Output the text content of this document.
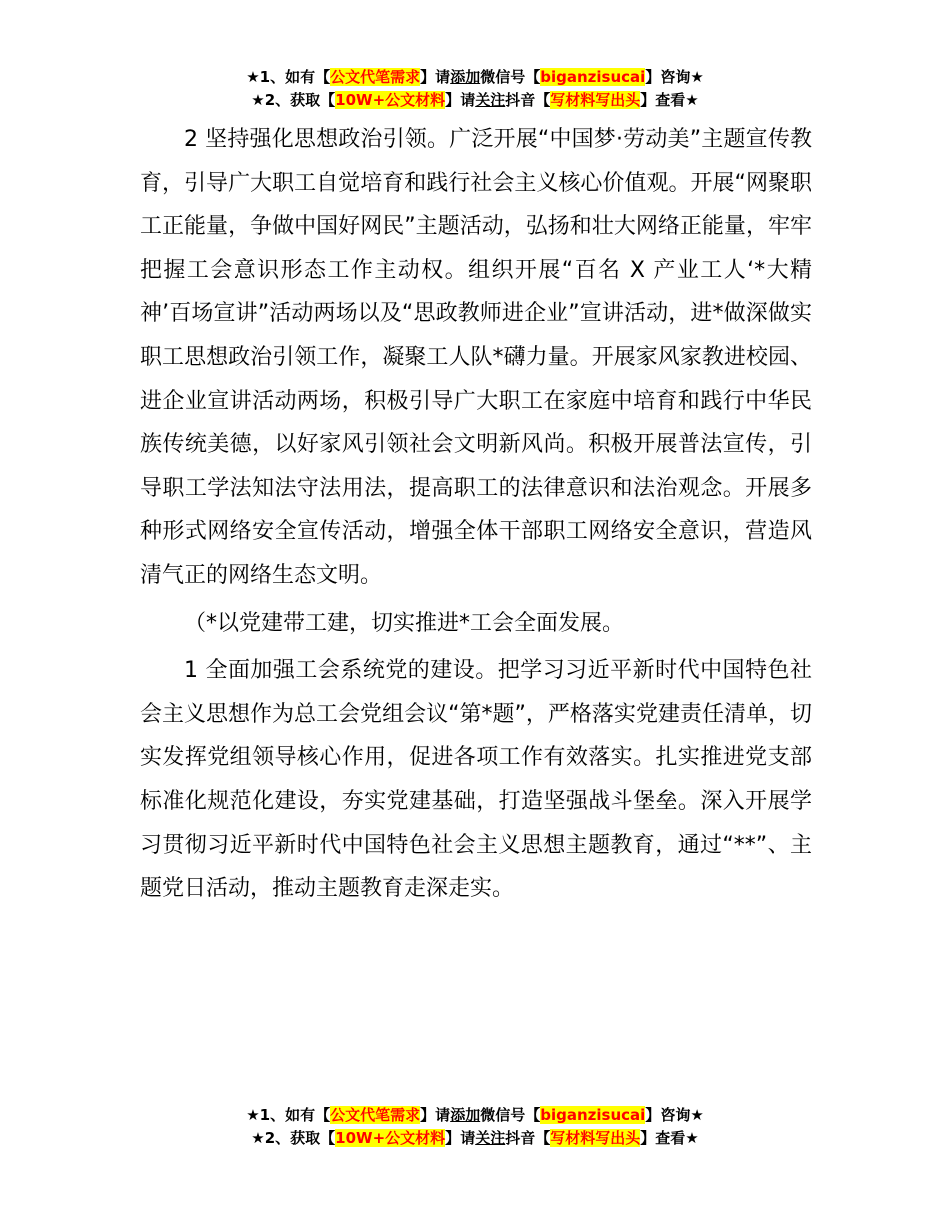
★1、如有【公文代笔需求】请添加微信号【biganzisucai】咨询★
★2、获取【10W+公文材料】请关注抖音【写材料写出头】查看★

2 坚持强化思想政治引领。广泛开展“中国梦·劳动美”主题宣传教育，引导广大职工自觉培育和践行社会主义核心价值观。开展“网聚职工正能量，争做中国好网民”主题活动，弘扬和壮大网络正能量，牢牢把握工会意识形态工作主动权。组织开展“百名 X 产业工人‘*大精神’百场宣讲”活动两场以及“思政教师进企业”宣讲活动，进*做深做实职工思想政治引领工作，凝聚工人队*礴力量。开展家风家教进校园、进企业宣讲活动两场，积极引导广大职工在家庭中培育和践行中华民族传统美德，以好家风引领社会文明新风尚。积极开展普法宣传，引导职工学法知法守法用法，提高职工的法律意识和法治观念。开展多种形式网络安全宣传活动，增强全体干部职工网络安全意识，营造风清气正的网络生态文明。

（*以党建带工建，切实推进*工会全面发展。

1 全面加强工会系统党的建设。把学习习近平新时代中国特色社会主义思想作为总工会党组会议“第*题”，严格落实党建责任清单，切实发挥党组领导核心作用，促进各项工作有效落实。扎实推进党支部标准化规范化建设，夯实党建基础，打造坚强战斗堡垒。深入开展学习贯彻习近平新时代中国特色社会主义思想主题教育，通过“**”、主题党日活动，推动主题教育走深走实。

★1、如有【公文代笔需求】请添加微信号【biganzisucai】咨询★
★2、获取【10W+公文材料】请关注抖音【写材料写出头】查看★
